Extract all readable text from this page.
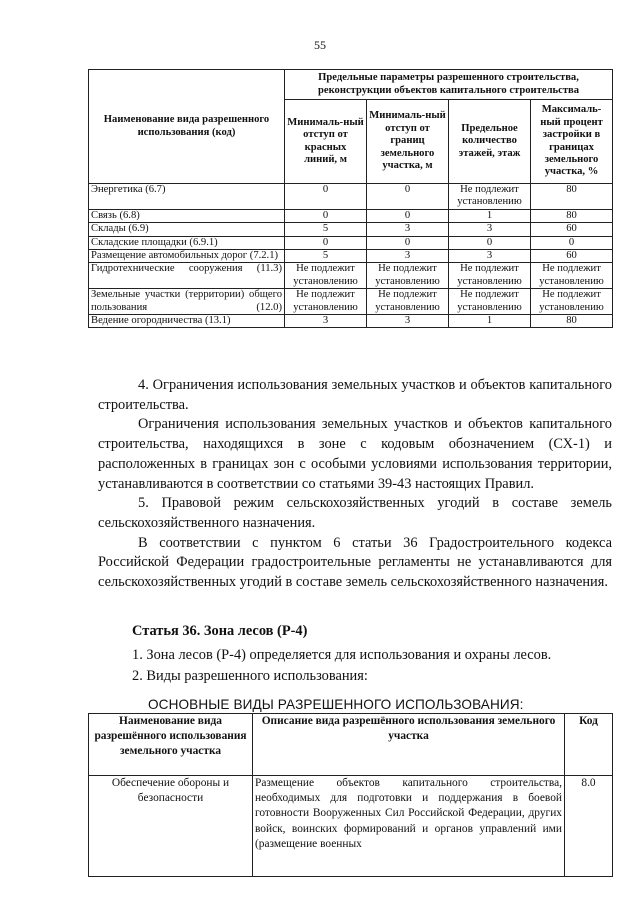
55
Наименование вида разрешенного использования (код)	Предельные параметры разрешенного строительства, реконструкции объектов капитального строительства			
	Минималь-ный отступ от красных линий, м	Минималь-ный отступ от границ земельного участка, м	Предельное количество этажей, этаж	Максималь-ный процент застройки в границах земельного участка, %
Энергетика (6.7)	0	0	Не подлежит установлению	80
Связь (6.8)	0	0	1	80
Склады (6.9)	5	3	3	60
Складские площадки (6.9.1)	0	0	0	0
Размещение автомобильных дорог (7.2.1)	5	3	3	60

Гидротехнические сооружения (11.3)	Не подлежит установлению	Не подлежит установлению	Не подлежит установлению	Не подлежит установлению

Земельные участки (территории) общего пользования (12.0)	Не подлежит установлению	Не подлежит установлению	Не подлежит установлению	Не подлежит установлению
Ведение огородничества (13.1)	3	3	1	80

4. Ограничения использования земельных участков и объектов капитального строительства.

Ограничения использования земельных участков и объектов капитального строительства, находящихся в зоне с кодовым обозначением (СХ-1) и расположенных в границах зон с особыми условиями использования территории, устанавливаются в соответствии со статьями 39-43 настоящих Правил.

5. Правовой режим сельскохозяйственных угодий в составе земель сельскохозяйственного назначения.

В соответствии с пунктом 6 статьи 36 Градостроительного кодекса Российской Федерации градостроительные регламенты не устанавливаются для сельскохозяйственных угодий в составе земель сельскохозяйственного назначения.

Статья 36. Зона лесов (Р-4)
1. Зона лесов (Р-4) определяется для использования и охраны лесов.
2. Виды разрешенного использования:
ОСНОВНЫЕ ВИДЫ РАЗРЕШЕННОГО ИСПОЛЬЗОВАНИЯ:
Наименование вида разрешённого использования земельного участка	Описание вида разрешённого использования земельного участка	Код
Обеспечение обороны и безопасности	Размещение объектов капитального строительства, необходимых для подготовки и поддержания в боевой готовности Вооруженных Сил Российской Федерации, других войск, воинских формирований и органов управлений ими (размещение военных	8.0
